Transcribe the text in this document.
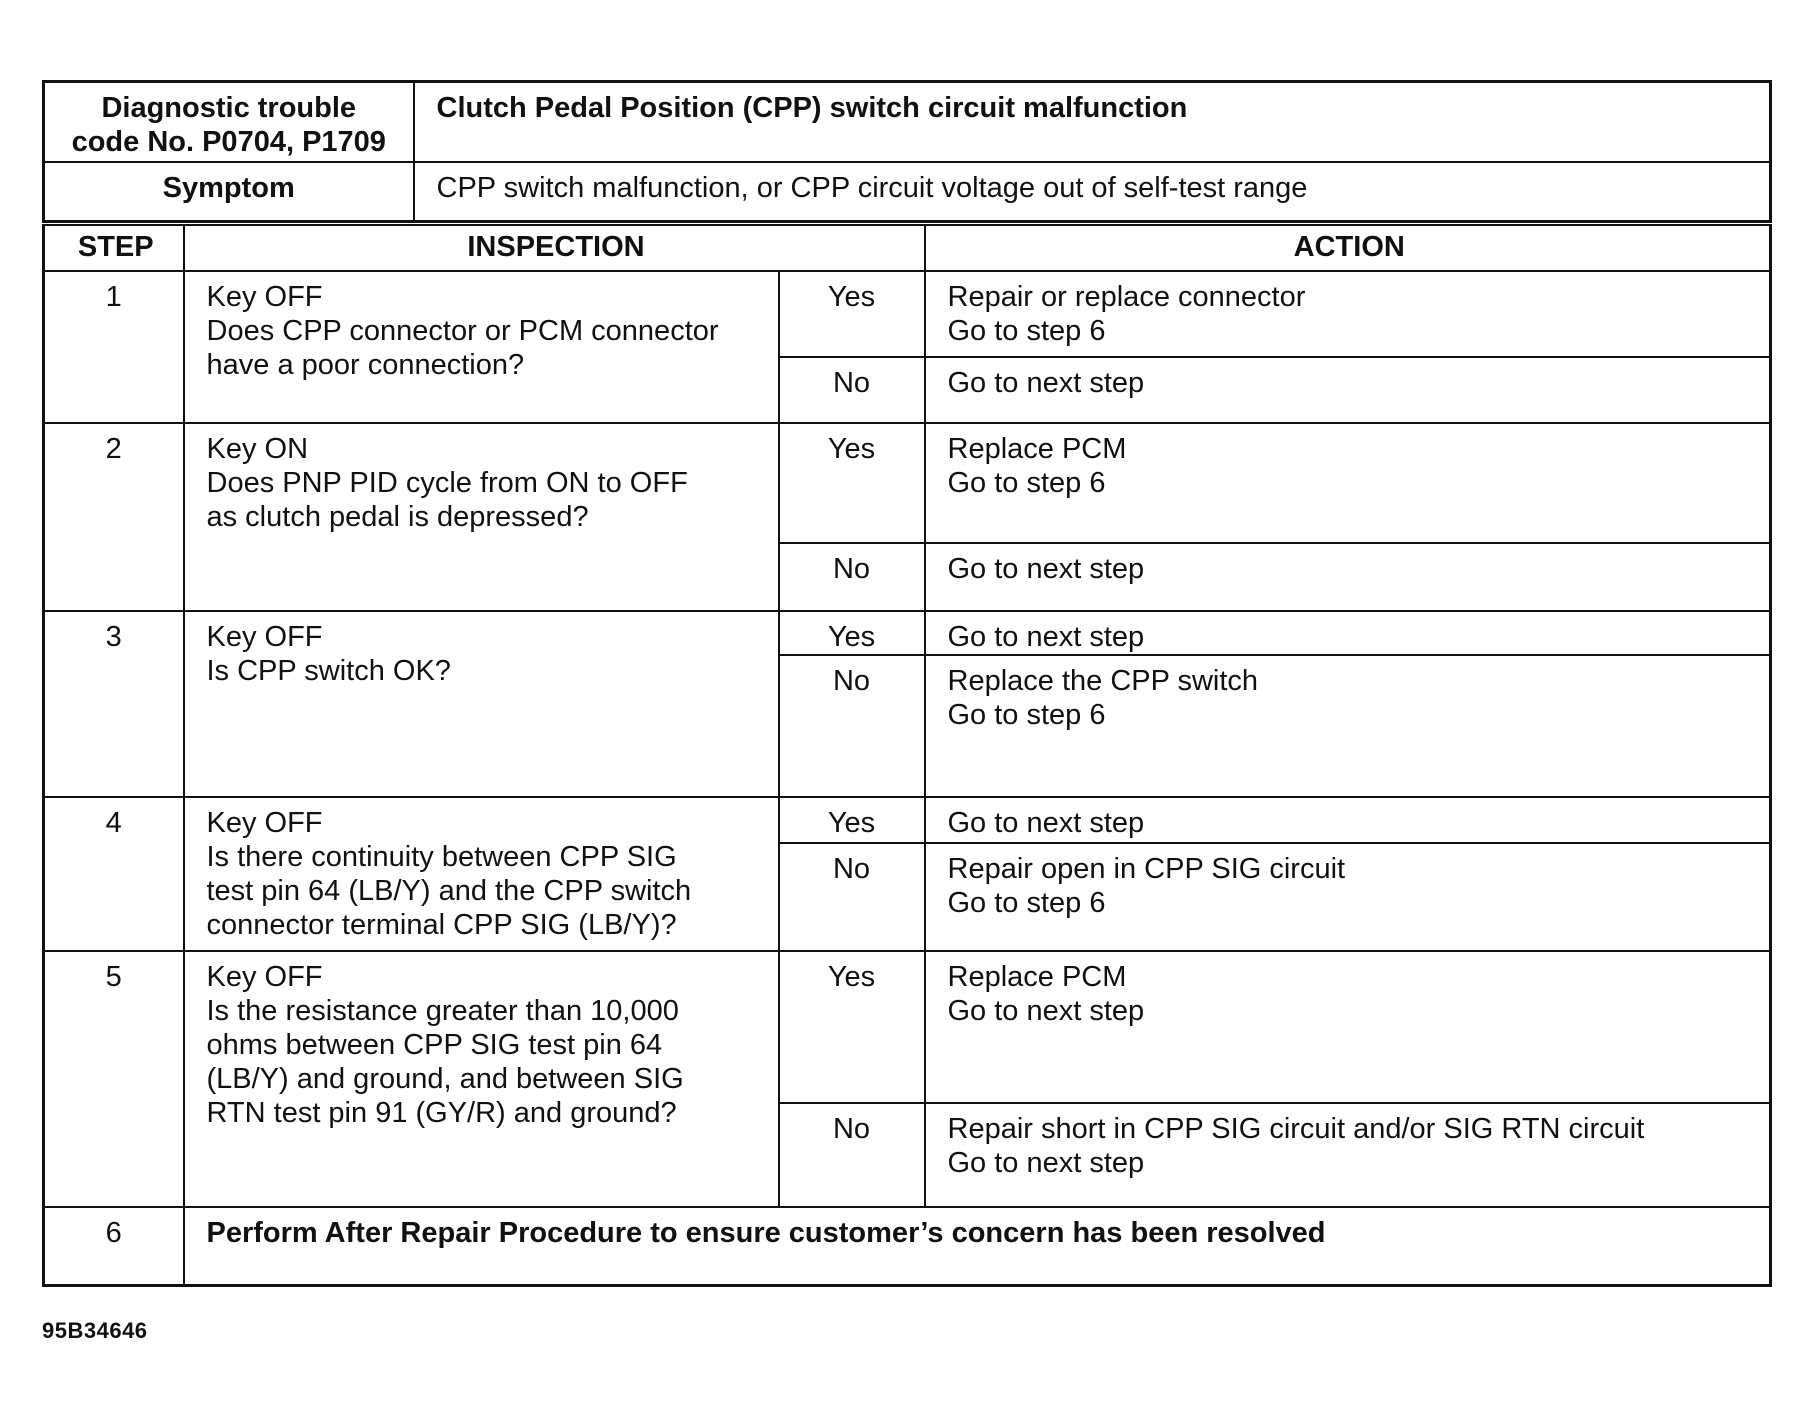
Diagnostic trouble
code No. P0704, P1709	Clutch Pedal Position (CPP) switch circuit malfunction
Symptom	CPP switch malfunction, or CPP circuit voltage out of self-test range
STEP	INSPECTION		ACTION
1	Key OFF
Does CPP connector or PCM connector
have a poor connection?	Yes	Repair or replace connector
Go to step 6

		No	Go to next step

2	Key ON
Does PNP PID cycle from ON to OFF
as clutch pedal is depressed?	Yes	Replace PCM
Go to step 6

		No	Go to next step

3	Key OFF
Is CPP switch OK?	Yes	Go to next step

		No	Replace the CPP switch
Go to step 6

4	Key OFF
Is there continuity between CPP SIG
test pin 64 (LB/Y) and the CPP switch
connector terminal CPP SIG (LB/Y)?	Yes	Go to next step

		No	Repair open in CPP SIG circuit
Go to step 6

5	Key OFF
Is the resistance greater than 10,000
ohms between CPP SIG test pin 64
(LB/Y) and ground, and between SIG
RTN test pin 91 (GY/R) and ground?	Yes	Replace PCM
Go to next step

		No	Repair short in CPP SIG circuit and/or SIG RTN circuit
Go to next step

6	Perform After Repair Procedure to ensure customer’s concern has been resolved		
95B34646
